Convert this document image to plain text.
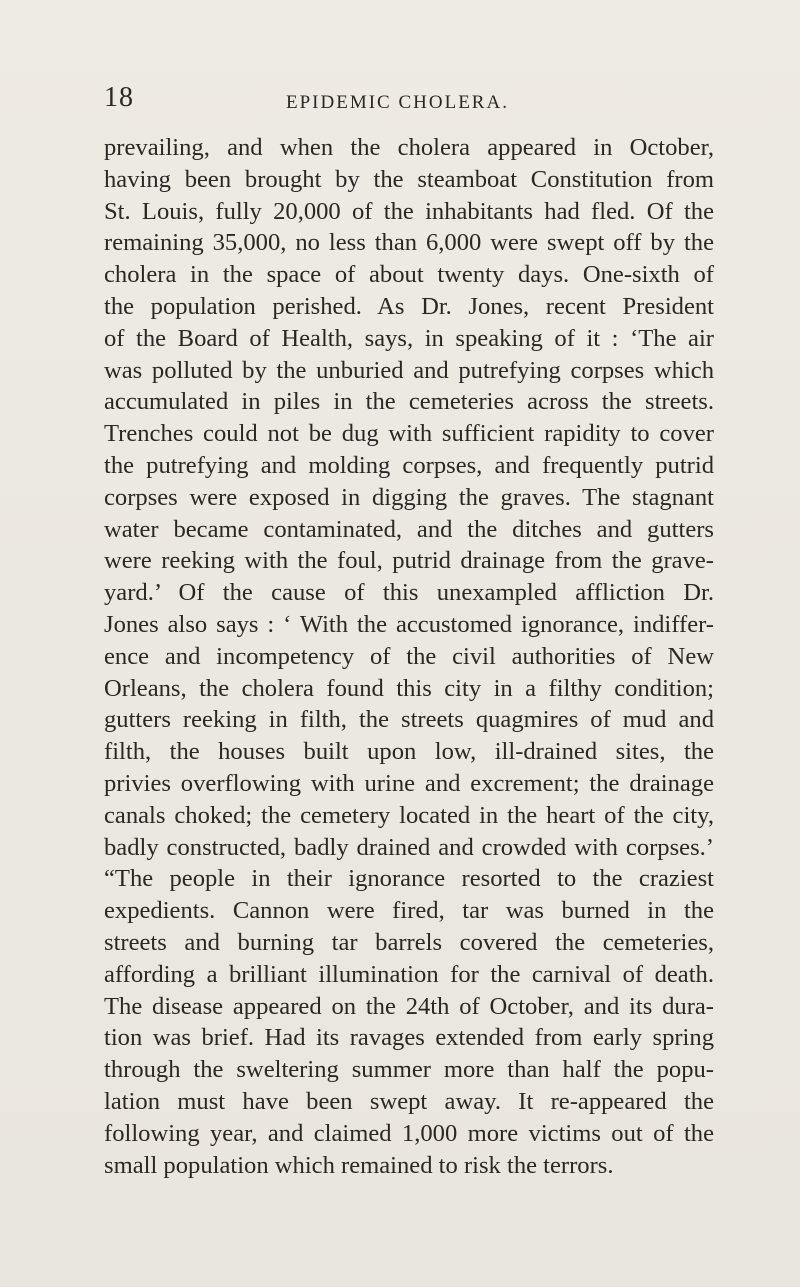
18	EPIDEMIC CHOLERA.
prevailing, and when the cholera appeared in October,
having been brought by the steamboat Constitution from
St. Louis, fully 20,000 of the inhabitants had fled. Of the
remaining 35,000, no less than 6,000 were swept off by the
cholera in the space of about twenty days. One-sixth of
the population perished. As Dr. Jones, recent President
of the Board of Health, says, in speaking of it : ‘The air
was polluted by the unburied and putrefying corpses which
accumulated in piles in the cemeteries across the streets.
Trenches could not be dug with sufficient rapidity to cover
the putrefying and molding corpses, and frequently putrid
corpses were exposed in digging the graves. The stagnant
water became contaminated, and the ditches and gutters
were reeking with the foul, putrid drainage from the grave-
yard.’ Of the cause of this unexampled affliction Dr.
Jones also says : ‘ With the accustomed ignorance, indiffer-
ence and incompetency of the civil authorities of New
Orleans, the cholera found this city in a filthy condition;
gutters reeking in filth, the streets quagmires of mud and
filth, the houses built upon low, ill-drained sites, the
privies overflowing with urine and excrement; the drainage
canals choked; the cemetery located in the heart of the city,
badly constructed, badly drained and crowded with corpses.’
“The people in their ignorance resorted to the craziest
expedients. Cannon were fired, tar was burned in the
streets and burning tar barrels covered the cemeteries,
affording a brilliant illumination for the carnival of death.
The disease appeared on the 24th of October, and its dura-
tion was brief. Had its ravages extended from early spring
through the sweltering summer more than half the popu-
lation must have been swept away. It re-appeared the
following year, and claimed 1,000 more victims out of the
small population which remained to risk the terrors.
